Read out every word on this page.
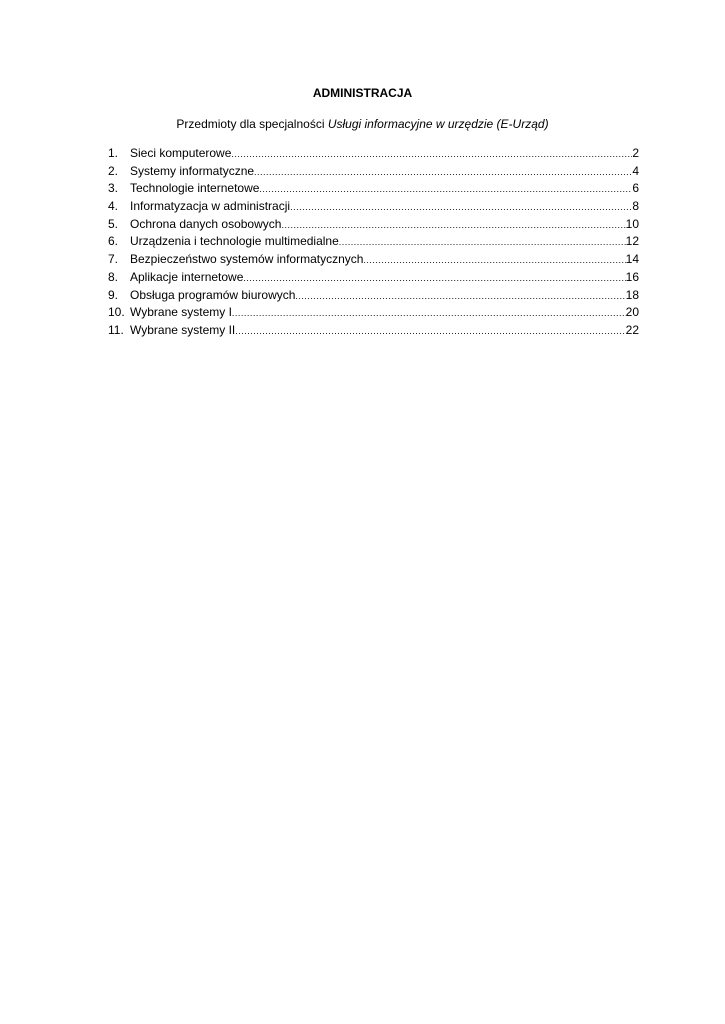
ADMINISTRACJA
Przedmioty dla specjalności Usługi informacyjne w urzędzie (E-Urząd)
1. Sieci komputerowe .....	2
2. Systemy informatyczne .....	4
3. Technologie internetowe .....	6
4. Informatyzacja w administracji .....	8
5. Ochrona danych osobowych .....	10
6. Urządzenia i technologie multimedialne .....	12
7. Bezpieczeństwo systemów informatycznych .....	14
8. Aplikacje internetowe .....	16
9. Obsługa programów biurowych .....	18
10. Wybrane systemy I .....	20
11. Wybrane systemy II .....	22
